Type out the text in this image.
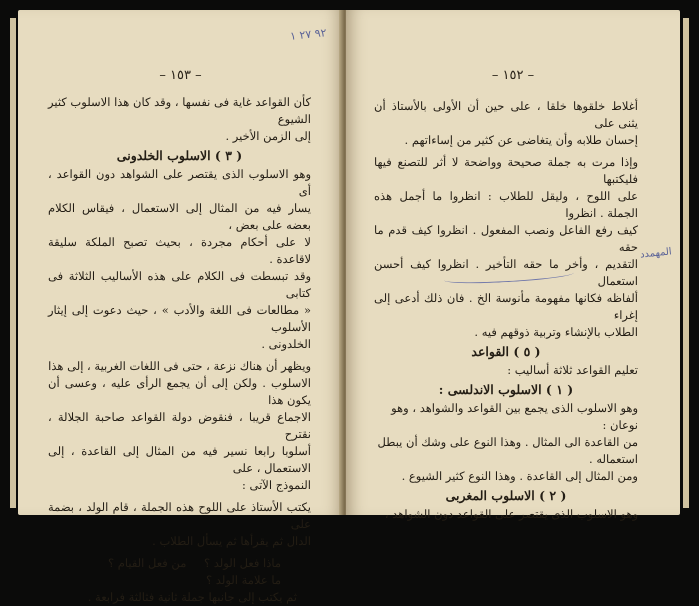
٩٢ ٢٧ ١
– ١٥٣ –

كأن القواعد غاية فى نفسها ، وقد كان هذا الاسلوب كثير الشيوع

إلى الزمن الأخير .

( ٣ ) الاسلوب الخلدونى

وهو الاسلوب الذى يقتصر على الشواهد دون القواعد ، أى

يسار فيه من المثال إلى الاستعمال ، فيقاس الكلام بعضه على بعض ،

لا على أحكام مجردة ، بحيث تصبح الملكة سليقة لاقاعدة .

وقد تبسطت فى الكلام على هذه الأساليب الثلاثة فى كتابى

« مطالعات فى اللغة والأدب » ، حيث دعوت إلى إيثار الأسلوب

الخلدونى .

ويظهر أن هناك نزعة ، حتى فى اللغات الغربية ، إلى هذا

الاسلوب . ولكن إلى أن يجمع الرأى عليه ، وعسى أن يكون هذا

الاجماع قريبا ، فنقوض دولة القواعد صاحبة الجلالة ، نقترح

أسلوبا رابعا نسير فيه من المثال إلى القاعدة ، إلى الاستعمال ، على

النموذج الآتى :

يكتب الأستاذ على اللوح هذه الجملة ، قام الولد ، بضمة على

الدال ثم يقرأها ثم يسأل الطلاب .

ماذا فعل الولد ؟
من فعل القيام ؟
ما علامة الولد ؟

ثم يكتب إلى جانبها جملة ثانية فثالثة فرابعة .

– ١٥٢ –

أغلاط خلقوها خلقا ، على حين أن الأولى بالأستاذ أن يثنى على

إحسان طلابه وأن يتغاضى عن كثير من إساءاتهم .

وإذا مرت به جملة صحيحة وواضحة لا أثر للتصنع فيها فليكتبها

على اللوح ، وليقل للطلاب : انظروا ما أجمل هذه الجملة . انظروا

كيف رفع الفاعل ونصب المفعول . انظروا كيف قدم ما حقه

التقديم ، وأخر ما حقه التأخير . انظروا كيف أحسن استعمال

ألفاظه فكانها مفهومة مأنوسة الخ . فان ذلك أدعى إلى إغراء

الطلاب بالإنشاء وتربية ذوقهم فيه .

( ٥ ) القواعد

تعليم القواعد ثلاثة أساليب :

( ١ ) الاسلوب الاندلسى :

وهو الاسلوب الذى يجمع بين القواعد والشواهد ، وهو

نوعان :

من القاعدة الى المثال . وهذا النوع على وشك أن يبطل

استعماله .

ومن المثال إلى القاعدة . وهذا النوع كثير الشيوع .

( ٢ ) الاسلوب المغربى

وهو الاسلوب الذى يقتصر على القواعد دون الشواهد ،

المهمدد
